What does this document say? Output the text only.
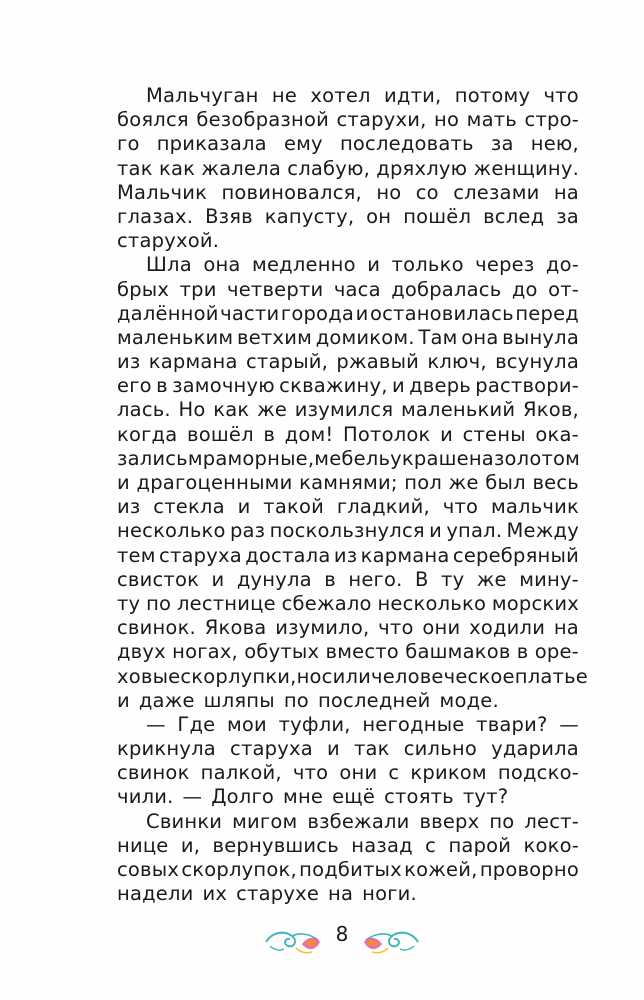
Мальчуган не хотел идти, потому что
боялся безобразной старухи, но мать стро-
го приказала ему последовать за нею,
так как жалела слабую, дряхлую женщину.
Мальчик повиновался, но со слезами на
глазах. Взяв капусту, он пошёл вслед за
старухой.
Шла она медленно и только через до-
брых три четверти часа добралась до от-
далённой части города и остановилась перед
маленьким ветхим домиком. Там она вынула
из кармана старый, ржавый ключ, всунула
его в замочную скважину, и дверь раствори-
лась. Но как же изумился маленький Яков,
когда вошёл в дом! Потолок и стены ока-
зались мраморные, мебель украшена золотом
и драгоценными камнями; пол же был весь
из стекла и такой гладкий, что мальчик
несколько раз поскользнулся и упал. Между
тем старуха достала из кармана серебряный
свисток и дунула в него. В ту же мину-
ту по лестнице сбежало несколько морских
свинок. Якова изумило, что они ходили на
двух ногах, обутых вместо башмаков в оре-
ховые скорлупки, носили человеческое платье
и даже шляпы по последней моде.
— Где мои туфли, негодные твари? —
крикнула старуха и так сильно ударила
свинок палкой, что они с криком подско-
чили. — Долго мне ещё стоять тут?
Свинки мигом взбежали вверх по лест-
нице и, вернувшись назад с парой коко-
совых скорлупок, подбитых кожей, проворно
надели их старухе на ноги.
8
